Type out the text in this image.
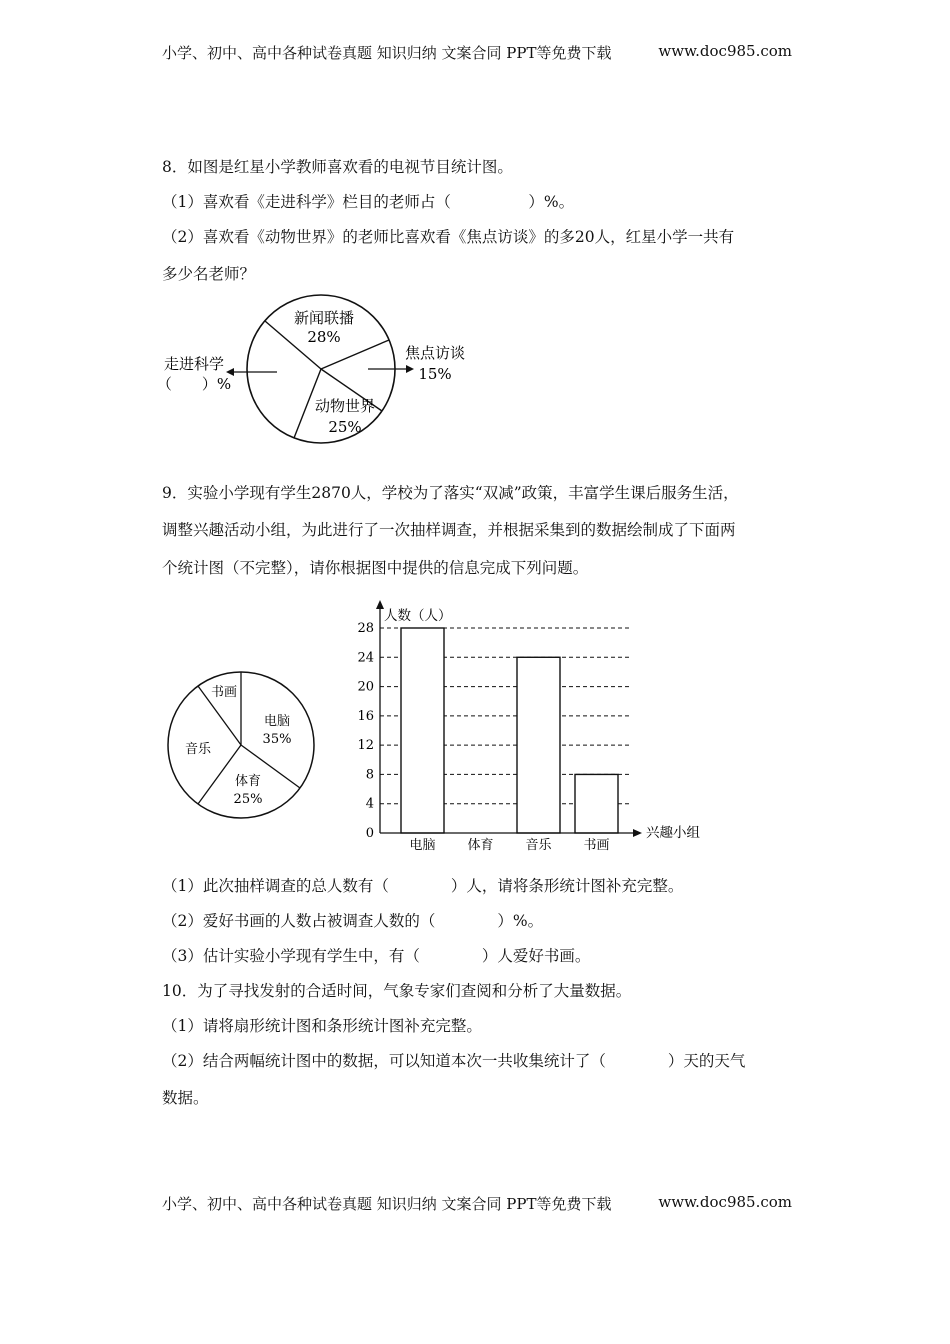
小学、初中、高中各种试卷真题 知识归纳 文案合同 PPT等免费下载	www.doc985.com
8．如图是红星小学教师喜欢看的电视节目统计图。
（1）喜欢看《走进科学》栏目的老师占（　　　　　）%。
（2）喜欢看《动物世界》的老师比喜欢看《焦点访谈》的多20人，红星小学一共有
多少名老师？
新闻联播
28%
焦点访谈
15%
动物世界
25%
走进科学
（　　）%
9．实验小学现有学生2870人，学校为了落实“双减”政策，丰富学生课后服务生活，
调整兴趣活动小组，为此进行了一次抽样调查，并根据采集到的数据绘制成了下面两
个统计图（不完整），请你根据图中提供的信息完成下列问题。
书画
电脑
35%
体育
25%
音乐
0
4
8
12
16
20
24
28
电脑 体育 音乐 书画
人数（人）
兴趣小组
（1）此次抽样调查的总人数有（　　　　）人，请将条形统计图补充完整。
（2）爱好书画的人数占被调查人数的（　　　　）%。
（3）估计实验小学现有学生中，有（　　　　）人爱好书画。
10．为了寻找发射的合适时间，气象专家们查阅和分析了大量数据。
（1）请将扇形统计图和条形统计图补充完整。
（2）结合两幅统计图中的数据，可以知道本次一共收集统计了（　　　　）天的天气
数据。
小学、初中、高中各种试卷真题 知识归纳 文案合同 PPT等免费下载	www.doc985.com
